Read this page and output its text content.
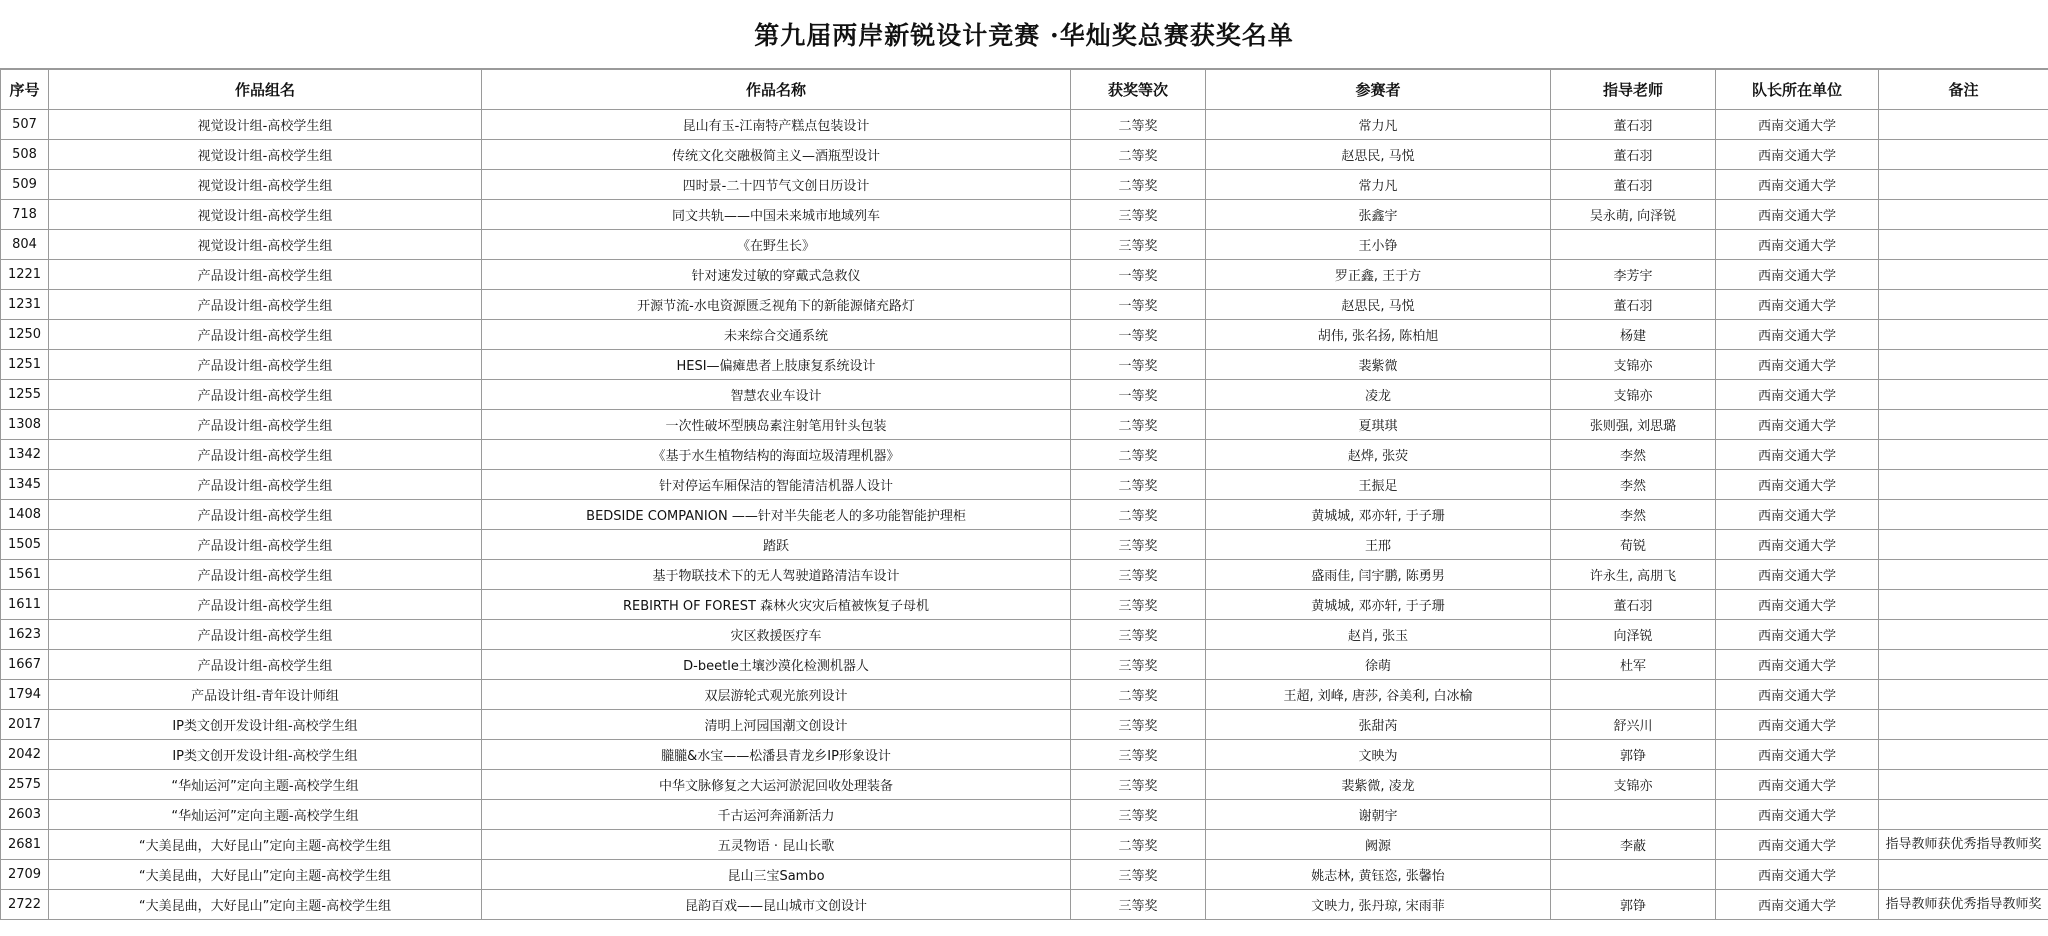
第九届两岸新锐设计竞赛 ·华灿奖总赛获奖名单
序号	作品组名	作品名称	获奖等次	参赛者	指导老师	队长所在单位	备注
507	视觉设计组-高校学生组	昆山有玉-江南特产糕点包装设计	二等奖	常力凡	董石羽	西南交通大学	
508	视觉设计组-高校学生组	传统文化交融极简主义—酒瓶型设计	二等奖	赵思民, 马悦	董石羽	西南交通大学	
509	视觉设计组-高校学生组	四时景-二十四节气文创日历设计	二等奖	常力凡	董石羽	西南交通大学	
718	视觉设计组-高校学生组	同文共轨——中国未来城市地域列车	三等奖	张鑫宇	吴永萌, 向泽锐	西南交通大学	
804	视觉设计组-高校学生组	《在野生长》	三等奖	王小铮		西南交通大学	
1221	产品设计组-高校学生组	针对速发过敏的穿戴式急救仪	一等奖	罗正鑫, 王于方	李芳宇	西南交通大学	
1231	产品设计组-高校学生组	开源节流-水电资源匮乏视角下的新能源储充路灯	一等奖	赵思民, 马悦	董石羽	西南交通大学	
1250	产品设计组-高校学生组	未来综合交通系统	一等奖	胡伟, 张名扬, 陈柏旭	杨建	西南交通大学	
1251	产品设计组-高校学生组	HESI—偏瘫患者上肢康复系统设计	一等奖	裴紫微	支锦亦	西南交通大学	
1255	产品设计组-高校学生组	智慧农业车设计	一等奖	凌龙	支锦亦	西南交通大学	
1308	产品设计组-高校学生组	一次性破坏型胰岛素注射笔用针头包装	二等奖	夏琪琪	张则强, 刘思璐	西南交通大学	
1342	产品设计组-高校学生组	《基于水生植物结构的海面垃圾清理机器》	二等奖	赵烨, 张荧	李然	西南交通大学	
1345	产品设计组-高校学生组	针对停运车厢保洁的智能清洁机器人设计	二等奖	王振足	李然	西南交通大学	
1408	产品设计组-高校学生组	BEDSIDE COMPANION ——针对半失能老人的多功能智能护理柜	二等奖	黄城城, 邓亦轩, 于子珊	李然	西南交通大学	
1505	产品设计组-高校学生组	踏跃	三等奖	王邢	荀锐	西南交通大学	
1561	产品设计组-高校学生组	基于物联技术下的无人驾驶道路清洁车设计	三等奖	盛雨佳, 闫宇鹏, 陈勇男	许永生, 高朋飞	西南交通大学	
1611	产品设计组-高校学生组	REBIRTH OF FOREST 森林火灾灾后植被恢复子母机	三等奖	黄城城, 邓亦轩, 于子珊	董石羽	西南交通大学	
1623	产品设计组-高校学生组	灾区救援医疗车	三等奖	赵肖, 张玉	向泽锐	西南交通大学	
1667	产品设计组-高校学生组	D-beetle土壤沙漠化检测机器人	三等奖	徐萌	杜军	西南交通大学	
1794	产品设计组-青年设计师组	双层游轮式观光旅列设计	二等奖	王超, 刘峰, 唐莎, 谷美利, 白冰榆		西南交通大学	
2017	IP类文创开发设计组-高校学生组	清明上河园国潮文创设计	三等奖	张甜芮	舒兴川	西南交通大学	
2042	IP类文创开发设计组-高校学生组	朧朧&水宝——松潘县青龙乡IP形象设计	三等奖	文映为	郭铮	西南交通大学	
2575	“华灿运河”定向主题-高校学生组	中华文脉修复之大运河淤泥回收处理装备	三等奖	裴紫微, 凌龙	支锦亦	西南交通大学	
2603	“华灿运河”定向主题-高校学生组	千古运河奔涌新活力	三等奖	谢朝宇		西南交通大学	
2681	“大美昆曲，大好昆山”定向主题-高校学生组	五灵物语 · 昆山长歌	二等奖	阙源	李蔽	西南交通大学	指导教师获优秀指导教师奖
2709	“大美昆曲，大好昆山”定向主题-高校学生组	昆山三宝Sambo	三等奖	姚志林, 黄钰恣, 张馨怡		西南交通大学	
2722	“大美昆曲，大好昆山”定向主题-高校学生组	昆韵百戏——昆山城市文创设计	三等奖	文映力, 张丹琼, 宋雨菲	郭铮	西南交通大学	指导教师获优秀指导教师奖
